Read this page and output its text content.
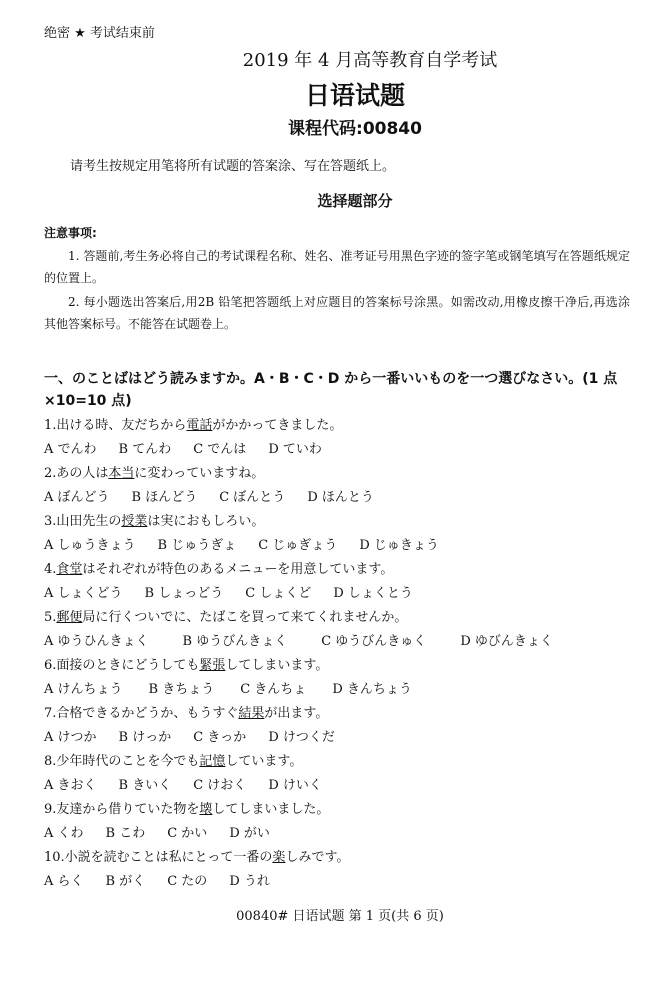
绝密 ★ 考试结束前
2019 年 4 月高等教育自学考试
日语试题
课程代码:00840
请考生按规定用笔将所有试题的答案涂、写在答题纸上。
选择题部分
注意事项:
1. 答题前,考生务必将自己的考试课程名称、姓名、准考证号用黑色字迹的签字笔或钢笔填写在答题纸规定的位置上。
2. 每小题选出答案后,用2B 铅笔把答题纸上对应题目的答案标号涂黑。如需改动,用橡皮擦干净后,再选涂其他答案标号。不能答在试题卷上。
一、のことばはどう読みますか。A・B・C・D から一番いいものを一つ選びなさい。(1 点×10=10 点)
1.出ける時、友だちから電話がかかってきました。
A でんわ B てんわ C でんは D ていわ
2.あの人は本当に変わっていますね。
A ぼんどう B ほんどう C ぼんとう D ほんとう
3.山田先生の授業は実におもしろい。
A しゅうきょう B じゅうぎょ C じゅぎょう D じゅきょう
4.食堂はそれぞれが特色のあるメニューを用意しています。
A しょくどう B しょっどう C しょくど D しょくとう
5.郵便局に行くついでに、たばこを買って来てくれませんか。
A ゆうひんきょく	B ゆうびんきょく	C ゆうびんきゅく	D ゆびんきょく
6.面接のときにどうしても緊張してしまいます。
A けんちょう B きちょう C きんちょ D きんちょう
7.合格できるかどうか、もうすぐ結果が出ます。
A けつか B けっか C きっか D けつくだ
8.少年時代のことを今でも記憶しています。
A きおく B きいく C けおく D けいく
9.友達から借りていた物を壊してしまいました。
A くわ B こわ C かい D がい
10.小説を読むことは私にとって一番の楽しみです。
A らく B がく C たの D うれ
00840# 日语试题 第 1 页(共 6 页)
